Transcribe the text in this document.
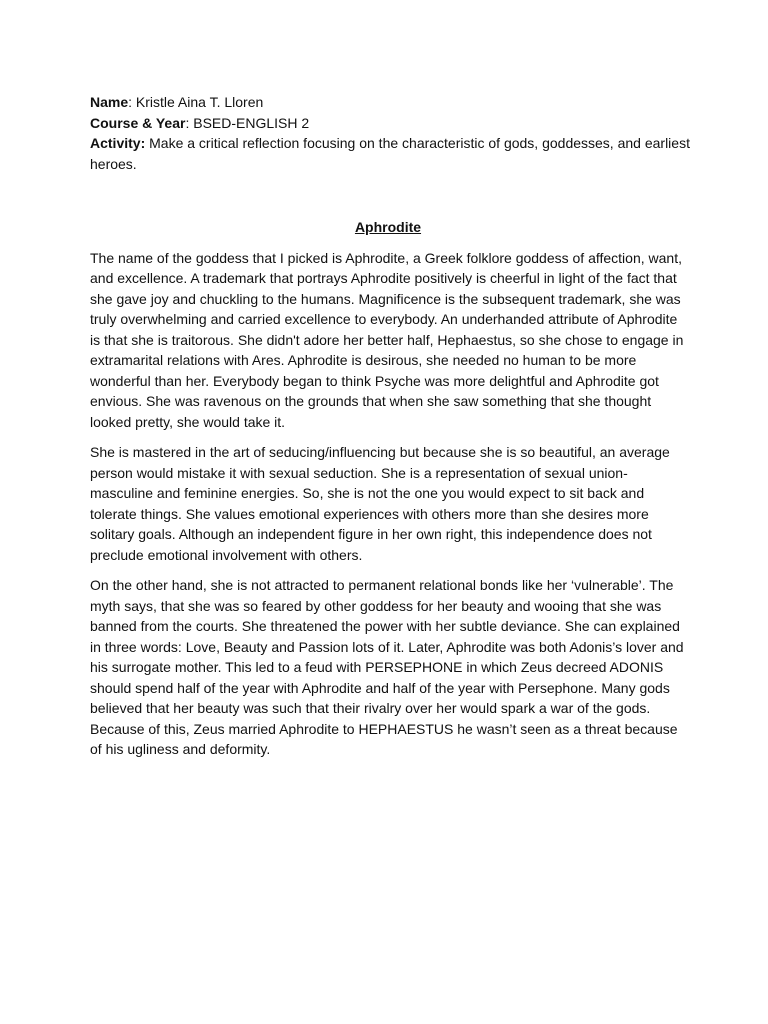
Name: Kristle Aina T. Lloren

Course & Year: BSED-ENGLISH 2

Activity: Make a critical reflection focusing on the characteristic of gods, goddesses, and earliest heroes.

Aphrodite

The name of the goddess that I picked is Aphrodite, a Greek folklore goddess of affection, want, and excellence. A trademark that portrays Aphrodite positively is cheerful in light of the fact that she gave joy and chuckling to the humans. Magnificence is the subsequent trademark, she was truly overwhelming and carried excellence to everybody. An underhanded attribute of Aphrodite is that she is traitorous. She didn't adore her better half, Hephaestus, so she chose to engage in extramarital relations with Ares. Aphrodite is desirous, she needed no human to be more wonderful than her. Everybody began to think Psyche was more delightful and Aphrodite got envious. She was ravenous on the grounds that when she saw something that she thought looked pretty, she would take it.

She is mastered in the art of seducing/influencing but because she is so beautiful, an average person would mistake it with sexual seduction. She is a representation of sexual union-masculine and feminine energies. So, she is not the one you would expect to sit back and tolerate things. She values emotional experiences with others more than she desires more solitary goals. Although an independent figure in her own right, this independence does not preclude emotional involvement with others.

On the other hand, she is not attracted to permanent relational bonds like her ‘vulnerable’. The myth says, that she was so feared by other goddess for her beauty and wooing that she was banned from the courts. She threatened the power with her subtle deviance. She can explained in three words: Love, Beauty and Passion lots of it. Later, Aphrodite was both Adonis’s lover and his surrogate mother. This led to a feud with PERSEPHONE in which Zeus decreed ADONIS should spend half of the year with Aphrodite and half of the year with Persephone. Many gods believed that her beauty was such that their rivalry over her would spark a war of the gods. Because of this, Zeus married Aphrodite to HEPHAESTUS he wasn’t seen as a threat because of his ugliness and deformity.
